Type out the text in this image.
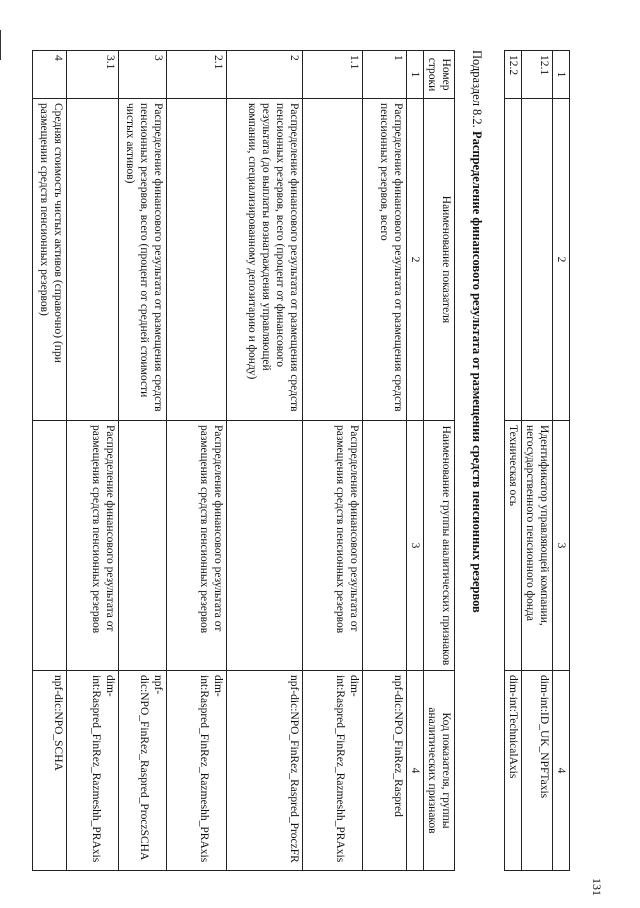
1	2	3	4
12.1		Идентификатор управляющей компании, негосударственного пенсионного фонда	dim-int:ID_UK_NPFTaxis
12.2		Техническая ось	dim-int:TechnicalAxis
Подраздел 8.2. Распределение финансового результата от размещения средств пенсионных резервов
Номер строки	Наименование показателя	Наименование группы аналитических признаков	Код показателя, группы аналитических признаков
1	2	3	4
1	Распределение финансового результата от размещения средств пенсионных резервов, всего		npf-dic:NPO_FinRez_Raspred
1.1		Распределение финансового результата от размещения средств пенсионных резервов	dim-int:Raspred_FinRez_Razmeshh_PRAxis
2	Распределение финансового результата от размещения средств пенсионных резервов, всего (процент от финансового результата (до выплаты вознаграждения управляющей компании, специализированному депозитарию и фонду)		npf-dic:NPO_FinRez_Raspred_ProczFR
2.1		Распределение финансового результата от размещения средств пенсионных резервов	dim-int:Raspred_FinRez_Razmeshh_PRAxis
3	Распределение финансового результата от размещения средств пенсионных резервов, всего (процент от средней стоимости чистых активов)		npf-dic:NPO_FinRez_Raspred_ProczSCHA
3.1		Распределение финансового результата от размещения средств пенсионных резервов	dim-int:Raspred_FinRez_Razmeshh_PRAxis
4	Средняя стоимость чистых активов (справочно) (при размещении средств пенсионных резервов)		npf-dic:NPO_SCHA
131
